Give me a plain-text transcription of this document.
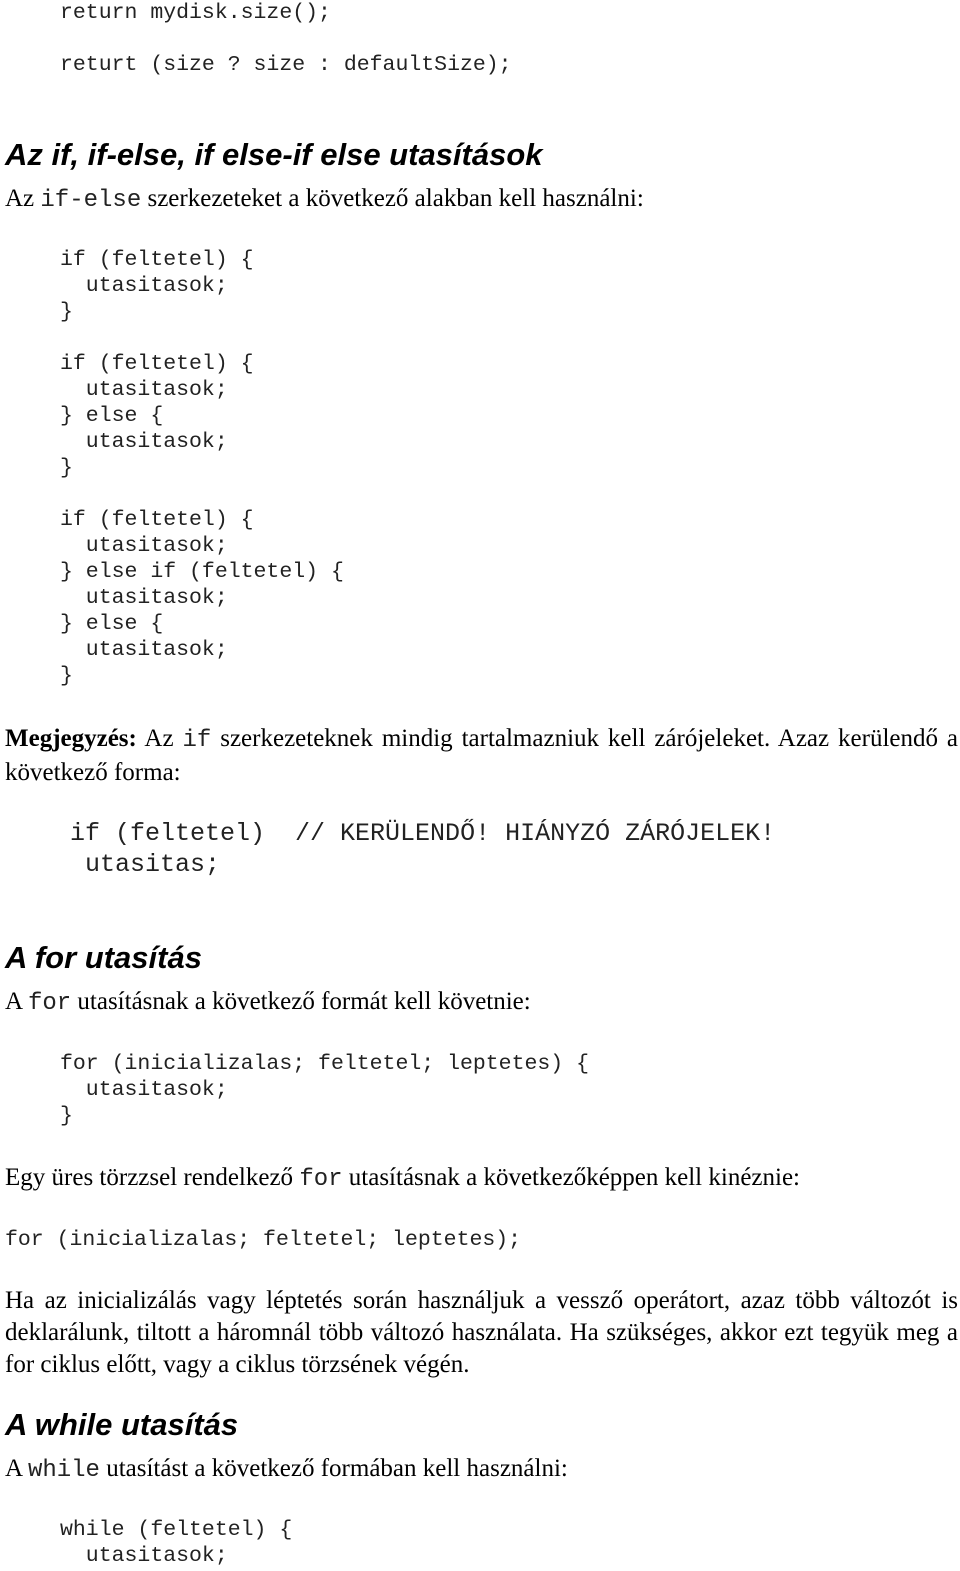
return mydisk.size();
returt (size ? size : defaultSize);
Az if, if-else, if else-if else utasítások

Az if-else szerkezeteket a következő alakban kell használni:

if (feltetel) {
utasitasok;
}
if (feltetel) {
utasitasok;
} else {
utasitasok;
}
if (feltetel) {
utasitasok;
} else if (feltetel) {
utasitasok;
} else {
utasitasok;
}

Megjegyzés: Az if szerkezeteknek mindig tartalmazniuk kell zárójeleket. Azaz kerülendő a következő forma:

if (feltetel)  // KERÜLENDŐ! HIÁNYZÓ ZÁRÓJELEK!
utasitas;
A for utasítás

A for utasításnak a következő formát kell követnie:

for (inicializalas; feltetel; leptetes) {
utasitasok;
}

Egy üres törzzsel rendelkező for utasításnak a következőképpen kell kinéznie:

for (inicializalas; feltetel; leptetes);

Ha az inicializálás vagy léptetés során használjuk a vessző operátort, azaz több változót is deklarálunk, tiltott a háromnál több változó használata. Ha szükséges, akkor ezt tegyük meg a for ciklus előtt, vagy a ciklus törzsének végén.

A while utasítás

A while utasítást a következő formában kell használni:

while (feltetel) {
utasitasok;
